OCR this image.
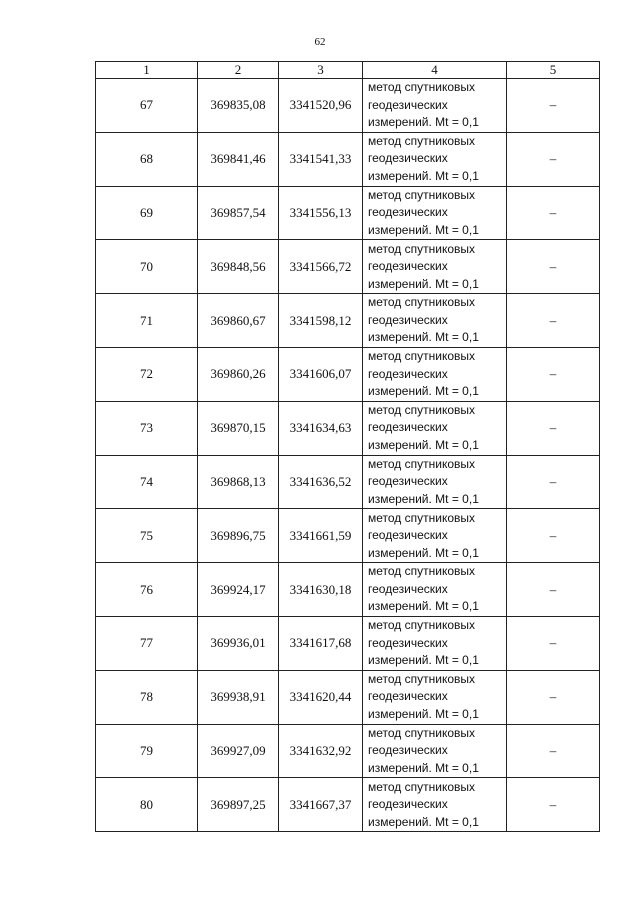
62
1	2	3	4	5
67	369835,08	3341520,96	метод спутниковых
геодезических
измерений. Mt = 0,1	–
68	369841,46	3341541,33	метод спутниковых
геодезических
измерений. Mt = 0,1	–
69	369857,54	3341556,13	метод спутниковых
геодезических
измерений. Mt = 0,1	–
70	369848,56	3341566,72	метод спутниковых
геодезических
измерений. Mt = 0,1	–
71	369860,67	3341598,12	метод спутниковых
геодезических
измерений. Mt = 0,1	–
72	369860,26	3341606,07	метод спутниковых
геодезических
измерений. Mt = 0,1	–
73	369870,15	3341634,63	метод спутниковых
геодезических
измерений. Mt = 0,1	–
74	369868,13	3341636,52	метод спутниковых
геодезических
измерений. Mt = 0,1	–
75	369896,75	3341661,59	метод спутниковых
геодезических
измерений. Mt = 0,1	–
76	369924,17	3341630,18	метод спутниковых
геодезических
измерений. Mt = 0,1	–
77	369936,01	3341617,68	метод спутниковых
геодезических
измерений. Mt = 0,1	–
78	369938,91	3341620,44	метод спутниковых
геодезических
измерений. Mt = 0,1	–
79	369927,09	3341632,92	метод спутниковых
геодезических
измерений. Mt = 0,1	–
80	369897,25	3341667,37	метод спутниковых
геодезических
измерений. Mt = 0,1	–
